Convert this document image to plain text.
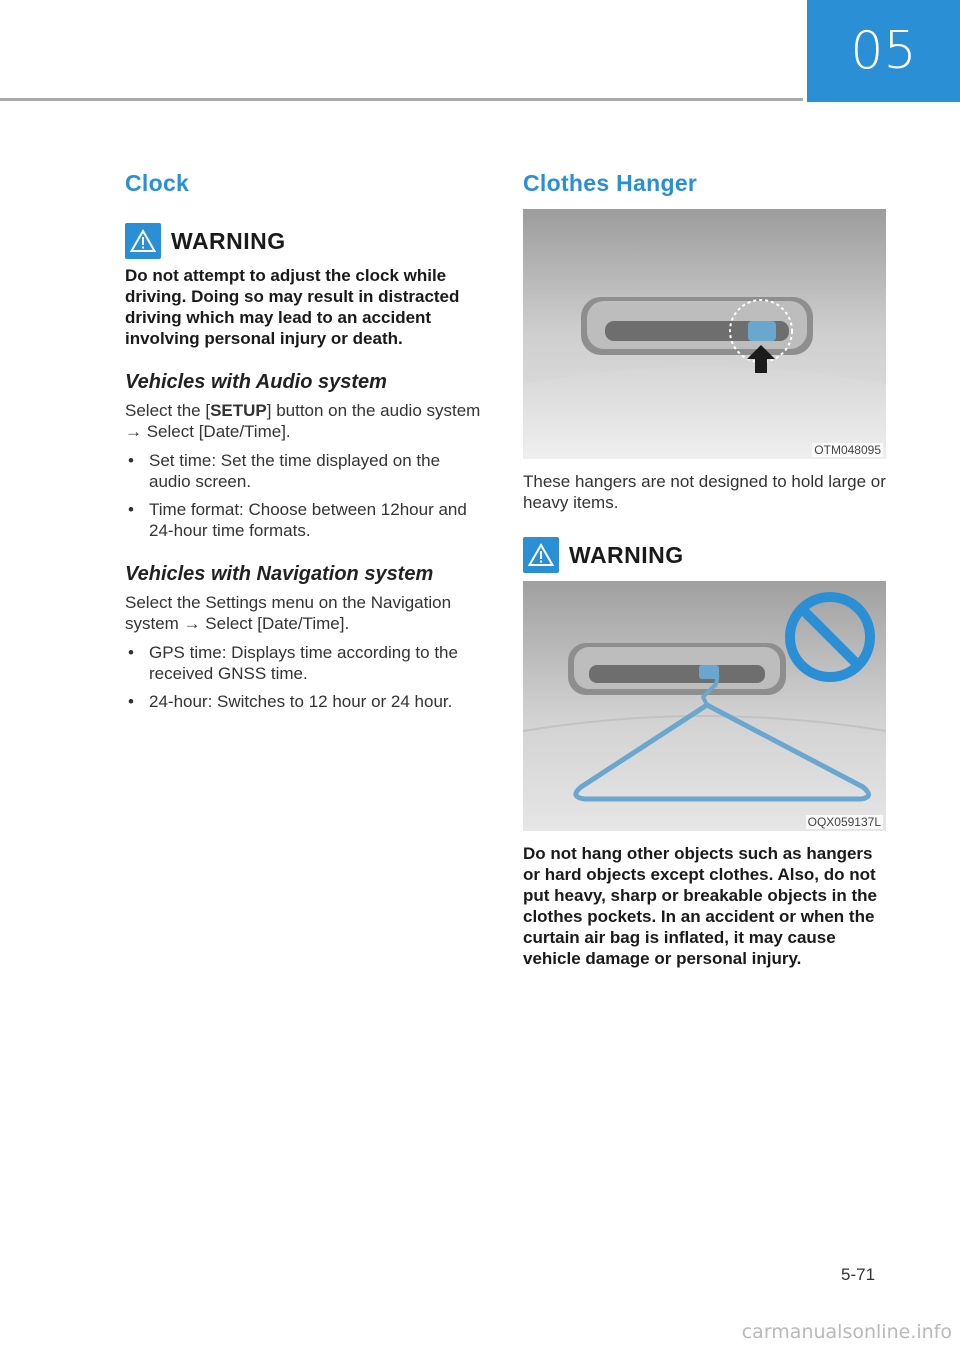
05
Clock
WARNING

Do not attempt to adjust the clock while driving. Doing so may result in distracted driving which may lead to an accident involving personal injury or death.

Vehicles with Audio system

Select the [SETUP] button on the audio system → Select [Date/Time].

• Set time: Set the time displayed on the audio screen.
• Time format: Choose between 12hour and 24-hour time formats.
Vehicles with Navigation system

Select the Settings menu on the Navigation system → Select [Date/Time].

• GPS time: Displays time according to the received GNSS time.
• 24-hour: Switches to 12 hour or 24 hour.
Clothes Hanger
OTM048095

These hangers are not designed to hold large or heavy items.

WARNING
OQX059137L

Do not hang other objects such as hangers or hard objects except clothes. Also, do not put heavy, sharp or breakable objects in the clothes pockets. In an accident or when the curtain air bag is inflated, it may cause vehicle damage or personal injury.

5-71
carmanualsonline.info
